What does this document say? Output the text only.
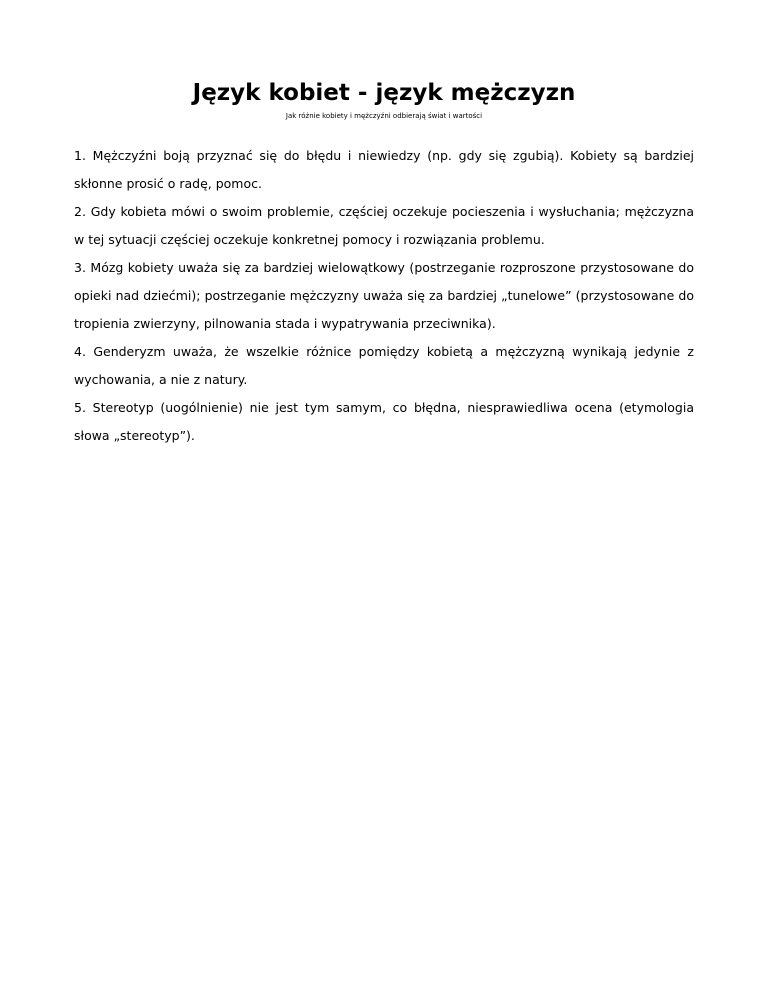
Język kobiet - język mężczyzn
Jak różnie kobiety i mężczyźni odbierają świat i wartości

1. Mężczyźni boją przyznać się do błędu i niewiedzy (np. gdy się zgubią). Kobiety są bardziej skłonne prosić o radę, pomoc.

2. Gdy kobieta mówi o swoim problemie, częściej oczekuje pocieszenia i wysłuchania; mężczyzna w tej sytuacji częściej oczekuje konkretnej pomocy i rozwiązania problemu.

3. Mózg kobiety uważa się za bardziej wielowątkowy (postrzeganie rozproszone przystosowane do opieki nad dziećmi); postrzeganie mężczyzny uważa się za bardziej „tunelowe” (przystosowane do tropienia zwierzyny, pilnowania stada i wypatrywania przeciwnika).

4. Genderyzm uważa, że wszelkie różnice pomiędzy kobietą a mężczyzną wynikają jedynie z wychowania, a nie z natury.

5. Stereotyp (uogólnienie) nie jest tym samym, co błędna, niesprawiedliwa ocena (etymologia słowa „stereotyp”).
